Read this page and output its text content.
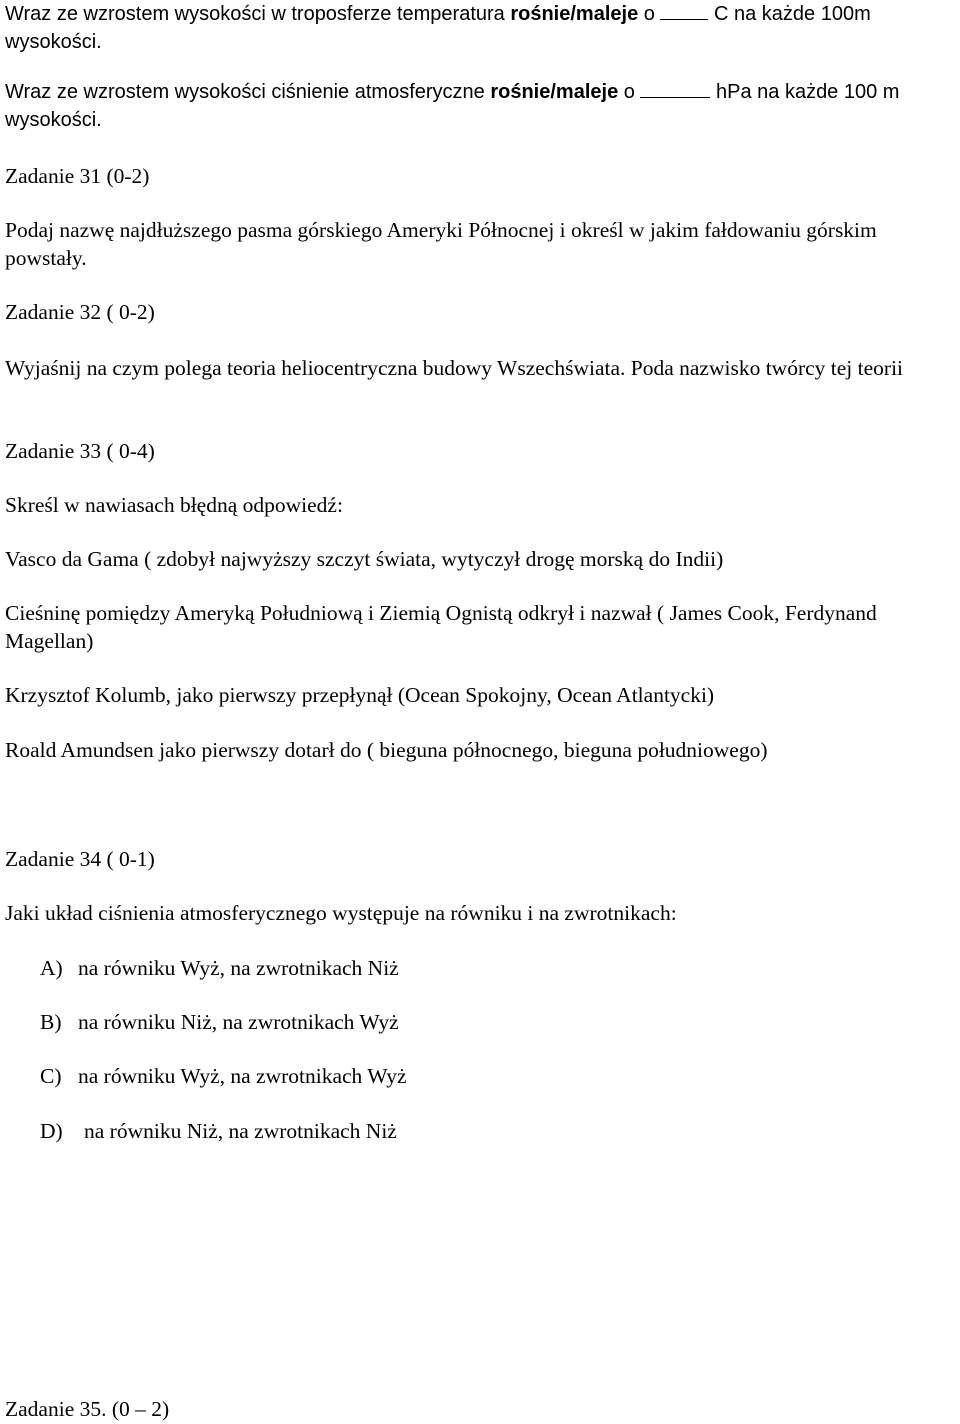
Wraz ze wzrostem wysokości w troposferze temperatura rośnie/maleje o  C na każde 100m wysokości.

Wraz ze wzrostem wysokości ciśnienie atmosferyczne rośnie/maleje o	hPa na każde 100 m wysokości.

Zadanie 31 (0-2)

Podaj nazwę najdłuższego pasma górskiego Ameryki Północnej i określ w jakim fałdowaniu górskim powstały.

Zadanie 32 ( 0-2)

Wyjaśnij na czym polega teoria heliocentryczna budowy Wszechświata. Poda nazwisko twórcy tej teorii

Zadanie 33 ( 0-4)

Skreśl w nawiasach błędną odpowiedź:

Vasco da Gama ( zdobył najwyższy szczyt świata, wytyczył drogę morską do Indii)

Cieśninę pomiędzy Ameryką Południową i Ziemią Ognistą odkrył i nazwał ( James Cook, Ferdynand Magellan)

Krzysztof Kolumb, jako pierwszy przepłynął (Ocean Spokojny, Ocean Atlantycki)

Roald Amundsen jako pierwszy dotarł do ( bieguna północnego, bieguna południowego)

Zadanie 34 ( 0-1)

Jaki układ ciśnienia atmosferycznego występuje na równiku i na zwrotnikach:

A) na równiku Wyż, na zwrotnikach Niż

B) na równiku Niż, na zwrotnikach Wyż

C) na równiku Wyż, na zwrotnikach Wyż

D) na równiku Niż, na zwrotnikach Niż

Zadanie 35. (0 – 2)
